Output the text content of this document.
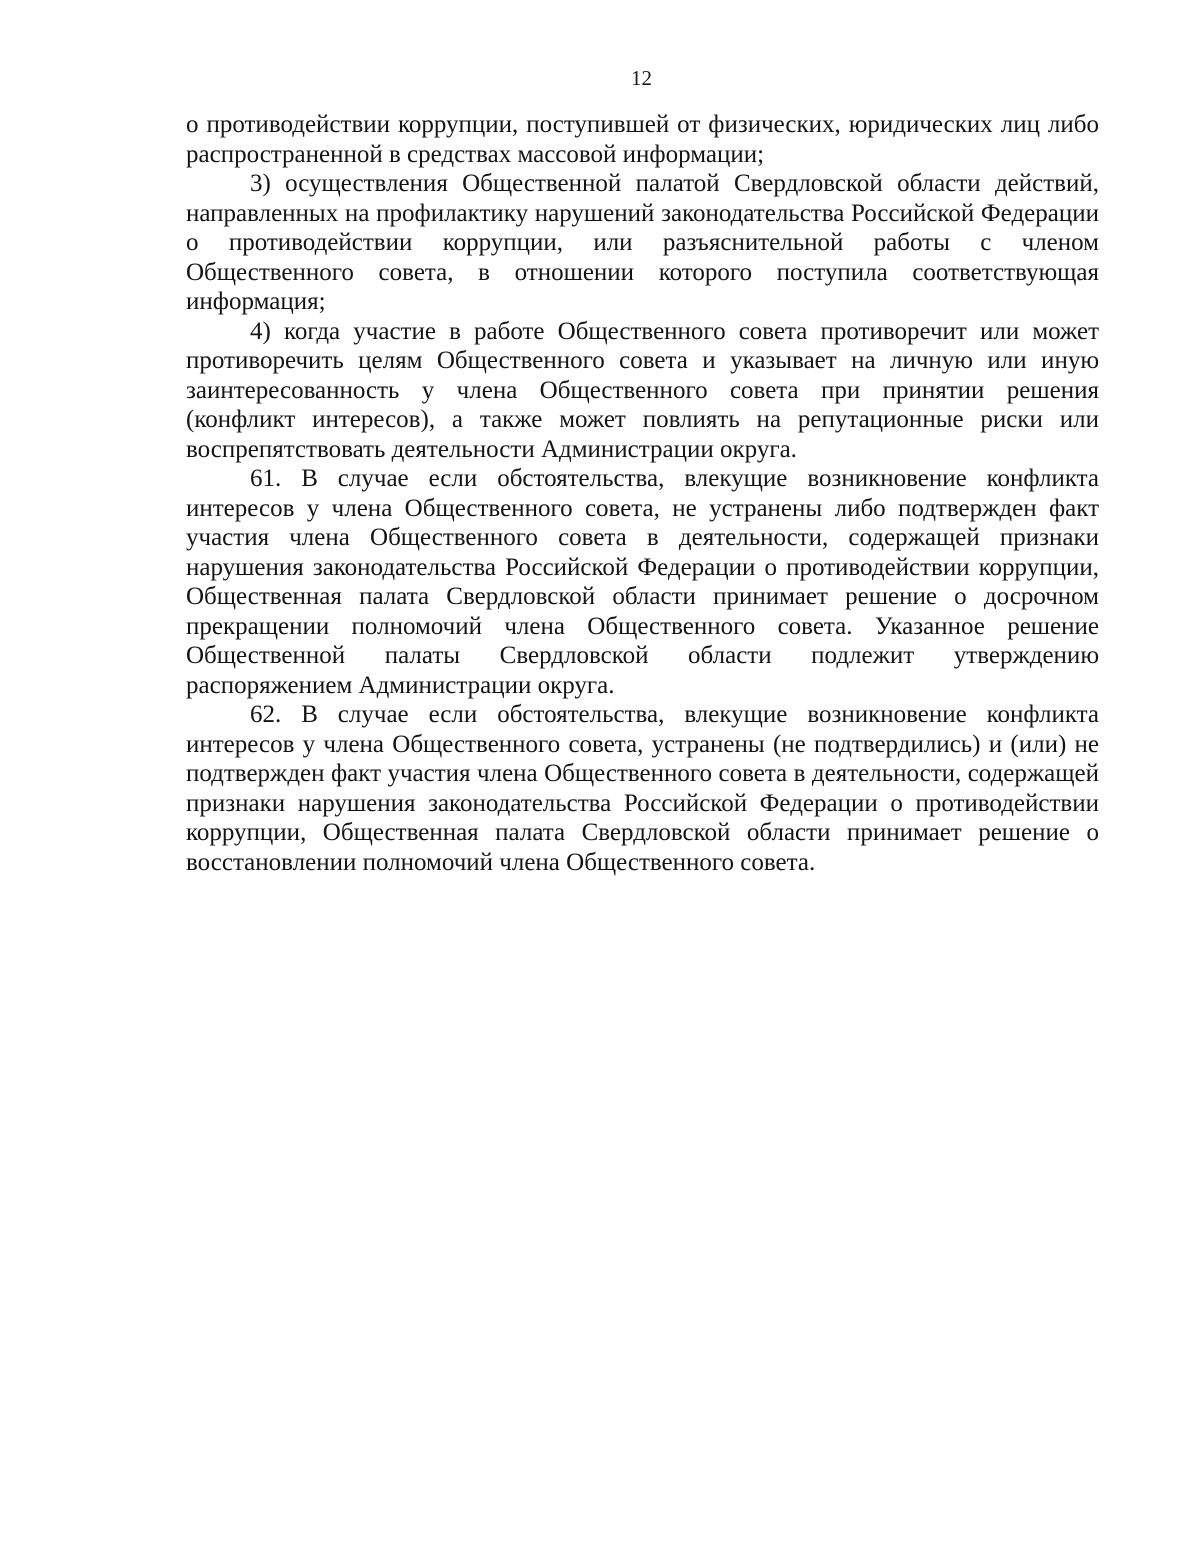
12

о противодействии коррупции, поступившей от физических, юридических лиц либо распространенной в средствах массовой информации;

3) осуществления Общественной палатой Свердловской области действий, направленных на профилактику нарушений законодательства Российской Федерации о противодействии коррупции, или разъяснительной работы с членом Общественного совета, в отношении которого поступила соответствующая информация;

4) когда участие в работе Общественного совета противоречит или может противоречить целям Общественного совета и указывает на личную или иную заинтересованность у члена Общественного совета при принятии решения (конфликт интересов), а также может повлиять на репутационные риски или воспрепятствовать деятельности Администрации округа.

61. В случае если обстоятельства, влекущие возникновение конфликта интересов у члена Общественного совета, не устранены либо подтвержден факт участия члена Общественного совета в деятельности, содержащей признаки нарушения законодательства Российской Федерации о противодействии коррупции, Общественная палата Свердловской области принимает решение о досрочном прекращении полномочий члена Общественного совета. Указанное решение Общественной палаты Свердловской области подлежит утверждению распоряжением Администрации округа.

62. В случае если обстоятельства, влекущие возникновение конфликта интересов у члена Общественного совета, устранены (не подтвердились) и (или) не подтвержден факт участия члена Общественного совета в деятельности, содержащей признаки нарушения законодательства Российской Федерации о противодействии коррупции, Общественная палата Свердловской области принимает решение о восстановлении полномочий члена Общественного совета.
